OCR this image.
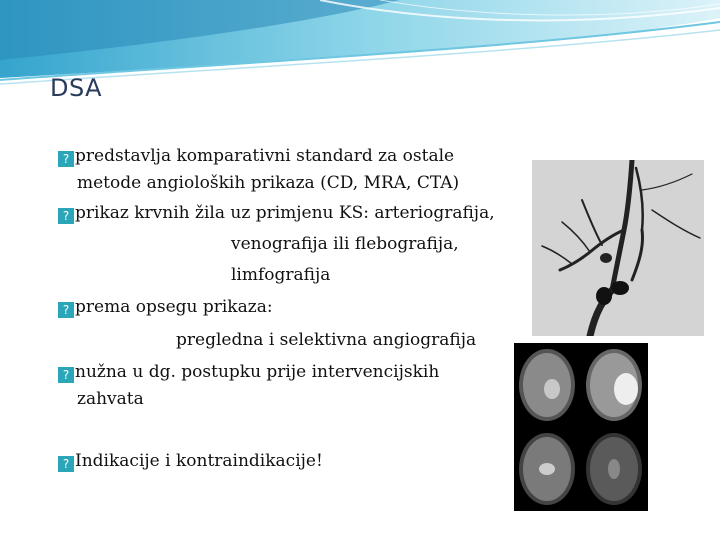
DSA
? predstavlja komparativni standard za ostale
metode angioloških prikaza (CD, MRA, CTA)
? prikaz krvnih žila uz primjenu KS: arteriografija,
venografija ili flebografija,
limfografija
? prema opsegu prikaza:
pregledna i selektivna angiografija
? nužna u dg. postupku prije intervencijskih
zahvata
? Indikacije i kontraindikacije!
